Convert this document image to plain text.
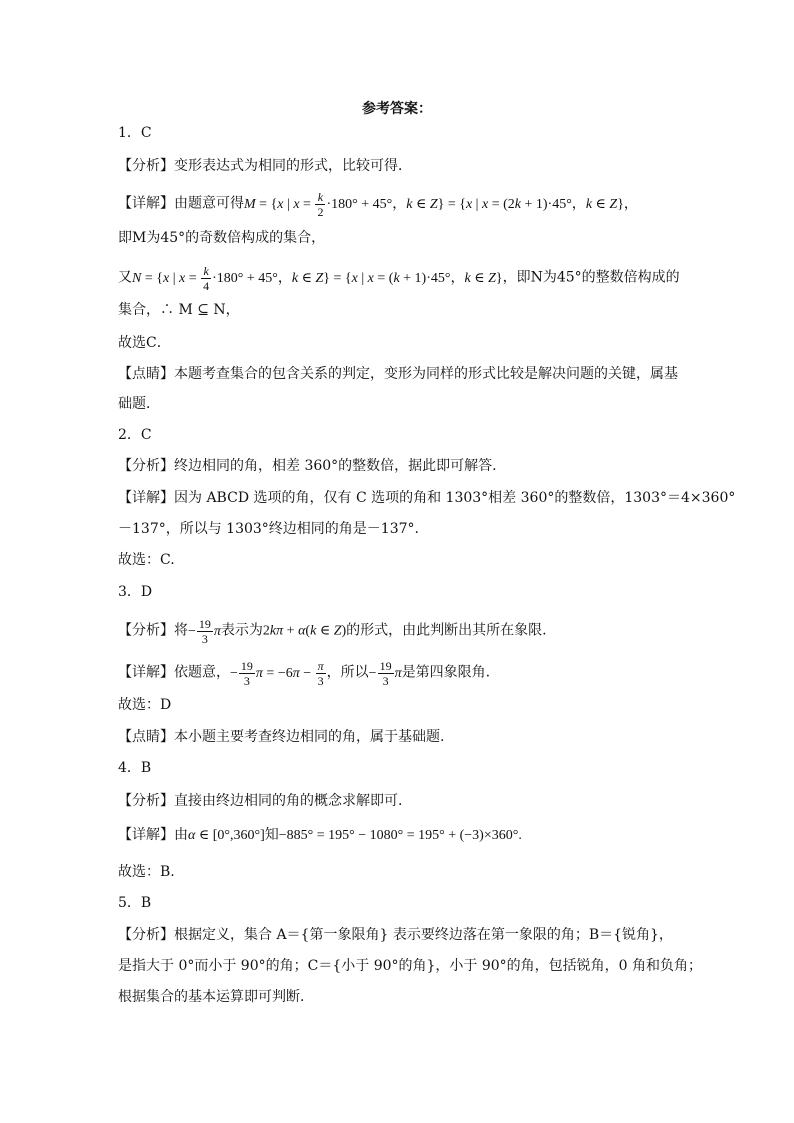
参考答案：
1．C
【分析】变形表达式为相同的形式，比较可得．
【详解】由题意可得M = {x | $x = \frac{k}{2} \cdot 180^\circ + 45^\circ$，k ∈ Z} = {x | x = (2k + 1)·45°，k ∈ Z}，
即M为45°的奇数倍构成的集合，
又N = {x | $x = \frac{k}{4} \cdot 180^\circ + 45^\circ$，k ∈ Z} = {x | x = (k + 1)·45°，k ∈ Z}，即N为45°的整数倍构成的
集合，∴ M ⊆ N，
故选C．
【点睛】本题考查集合的包含关系的判定，变形为同样的形式比较是解决问题的关键，属基
础题．
2．C
【分析】终边相同的角，相差 360°的整数倍，据此即可解答.
【详解】因为 ABCD 选项的角，仅有 C 选项的角和 1303°相差 360°的整数倍，1303°＝4×360°
－137°，所以与 1303°终边相同的角是－137°.
故选：C.
3．D
【分析】将− $\frac{19}{3}$ π表示为2kπ + α(k ∈ Z)的形式，由此判断出其所在象限.
【详解】依题意，− $\frac{19}{3}$ $\pi = -6\pi - \frac{\pi}{3}$ ，所以− $\frac{19}{3}$ π是第四象限角.
故选：D
【点睛】本小题主要考查终边相同的角，属于基础题.
4．B
【分析】直接由终边相同的角的概念求解即可.
【详解】由α ∈ [0°,360°]知−885° = 195° − 1080° = 195° + (−3)×360°.
故选：B.
5．B
【分析】根据定义，集合 A＝{第一象限角} 表示要终边落在第一象限的角；B＝{锐角}，
是指大于 0°而小于 90°的角；C＝{小于 90°的角}，小于 90°的角，包括锐角，0 角和负角；
根据集合的基本运算即可判断．
